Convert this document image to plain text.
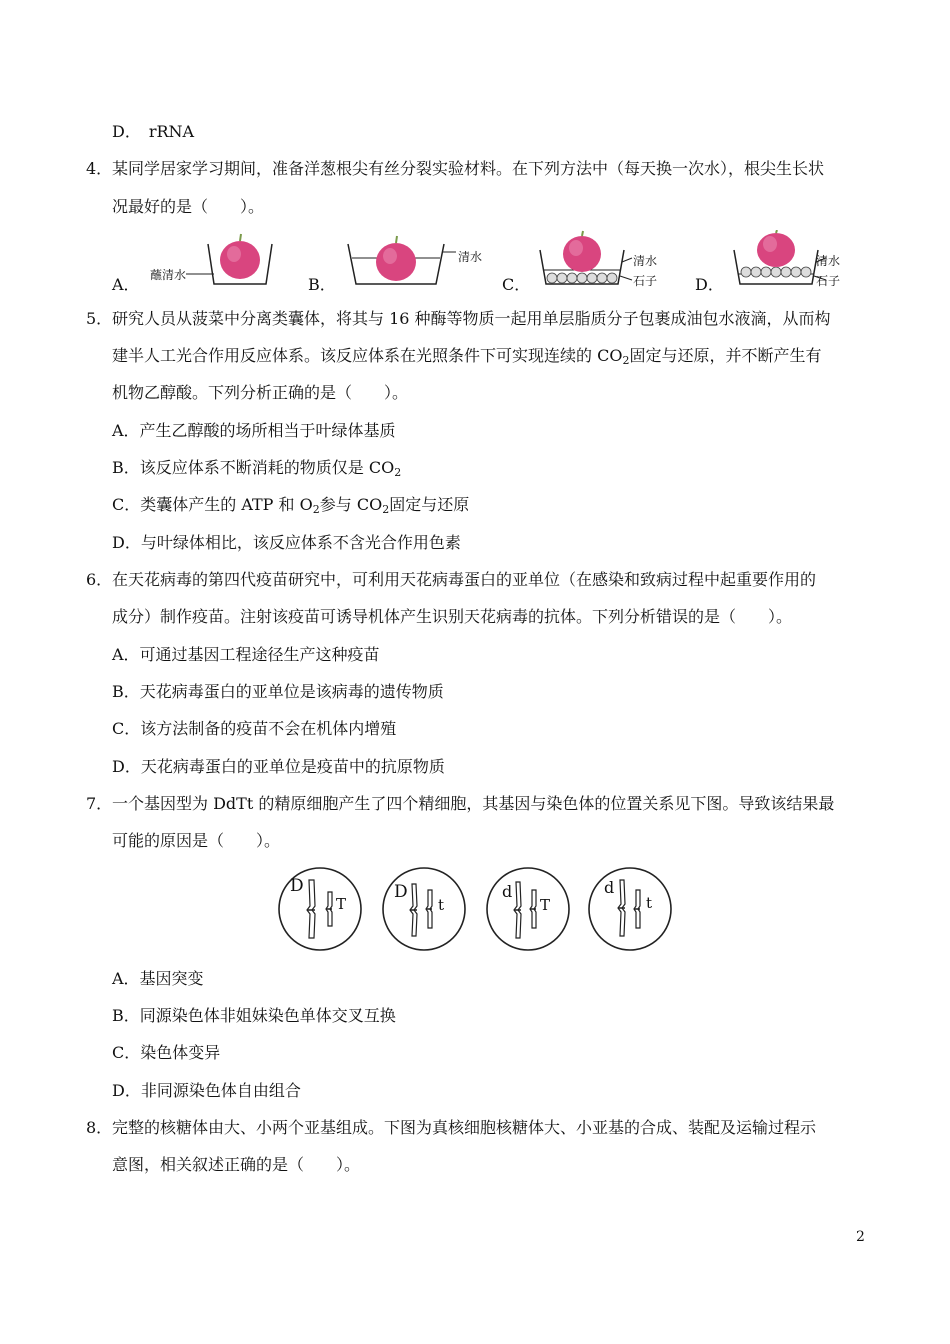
D．　rRNA
4． 某同学居家学习期间，准备洋葱根尖有丝分裂实验材料。在下列方法中（每天换一次水），根尖生长状
况最好的是（　　）。
A．	B．	C．	D．
蘸清水
清水	清水
石子
清水
石子
5． 研究人员从菠菜中分离类囊体，将其与 16 种酶等物质一起用单层脂质分子包裹成油包水液滴，从而构
建半人工光合作用反应体系。该反应体系在光照条件下可实现连续的 $CO_2$固定与还原，并不断产生有
机物乙醇酸。下列分析正确的是（　　）。
A．产生乙醇酸的场所相当于叶绿体基质
B．该反应体系不断消耗的物质仅是 $CO_2$
C．类囊体产生的 ATP 和 $O_2$参与 $CO_2$固定与还原
D．与叶绿体相比，该反应体系不含光合作用色素
6． 在天花病毒的第四代疫苗研究中，可利用天花病毒蛋白的亚单位（在感染和致病过程中起重要作用的
成分）制作疫苗。注射该疫苗可诱导机体产生识别天花病毒的抗体。下列分析错误的是（　　）。
A．可通过基因工程途径生产这种疫苗
B．天花病毒蛋白的亚单位是该病毒的遗传物质
C．该方法制备的疫苗不会在机体内增殖
D．天花病毒蛋白的亚单位是疫苗中的抗原物质
7． 一个基因型为 DdTt 的精原细胞产生了四个精细胞，其基因与染色体的位置关系见下图。导致该结果最
可能的原因是（　　）。
D
T
D
t
d
T
d
t
A．基因突变
B．同源染色体非姐妹染色单体交叉互换
C．染色体变异
D．非同源染色体自由组合
8． 完整的核糖体由大、小两个亚基组成。下图为真核细胞核糖体大、小亚基的合成、装配及运输过程示
意图，相关叙述正确的是（　　）。
2
